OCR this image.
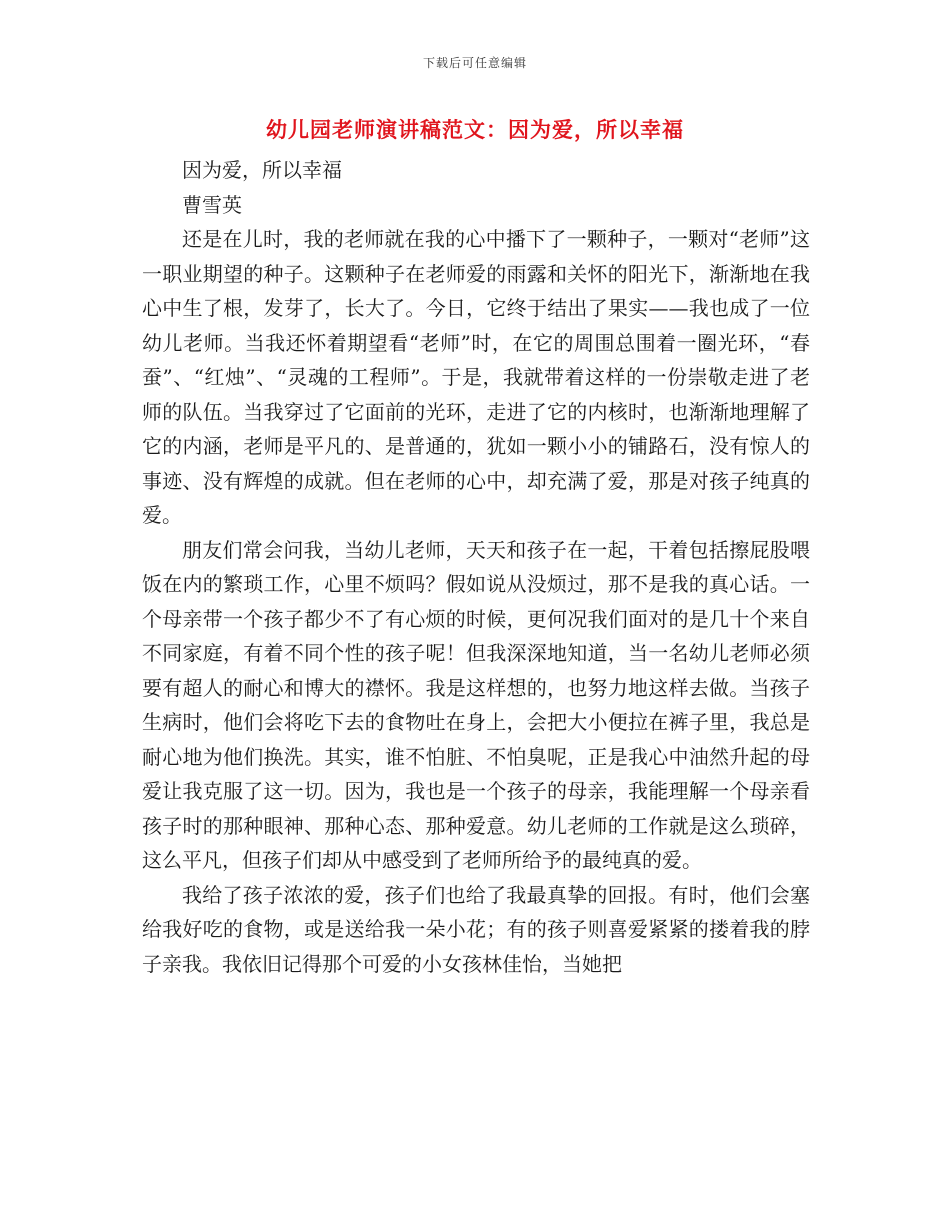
下载后可任意编辑
幼儿园老师演讲稿范文：因为爱，所以幸福

因为爱，所以幸福

曹雪英

还是在儿时，我的老师就在我的心中播下了一颗种子，一颗对“老师”这一职业期望的种子。这颗种子在老师爱的雨露和关怀的阳光下，渐渐地在我心中生了根，发芽了，长大了。今日，它终于结出了果实——我也成了一位幼儿老师。当我还怀着期望看“老师”时，在它的周围总围着一圈光环，“春蚕”、“红烛”、“灵魂的工程师”。于是，我就带着这样的一份崇敬走进了老师的队伍。当我穿过了它面前的光环，走进了它的内核时，也渐渐地理解了它的内涵，老师是平凡的、是普通的，犹如一颗小小的铺路石，没有惊人的事迹、没有辉煌的成就。但在老师的心中，却充满了爱，那是对孩子纯真的爱。

朋友们常会问我，当幼儿老师，天天和孩子在一起，干着包括擦屁股喂饭在内的繁琐工作，心里不烦吗？假如说从没烦过，那不是我的真心话。一个母亲带一个孩子都少不了有心烦的时候，更何况我们面对的是几十个来自不同家庭，有着不同个性的孩子呢！但我深深地知道，当一名幼儿老师必须要有超人的耐心和博大的襟怀。我是这样想的，也努力地这样去做。当孩子生病时，他们会将吃下去的食物吐在身上，会把大小便拉在裤子里，我总是耐心地为他们换洗。其实，谁不怕脏、不怕臭呢，正是我心中油然升起的母爱让我克服了这一切。因为，我也是一个孩子的母亲，我能理解一个母亲看孩子时的那种眼神、那种心态、那种爱意。幼儿老师的工作就是这么琐碎，这么平凡，但孩子们却从中感受到了老师所给予的最纯真的爱。

我给了孩子浓浓的爱，孩子们也给了我最真挚的回报。有时，他们会塞给我好吃的食物，或是送给我一朵小花；有的孩子则喜爱紧紧的搂着我的脖子亲我。我依旧记得那个可爱的小女孩林佳怡，当她把
